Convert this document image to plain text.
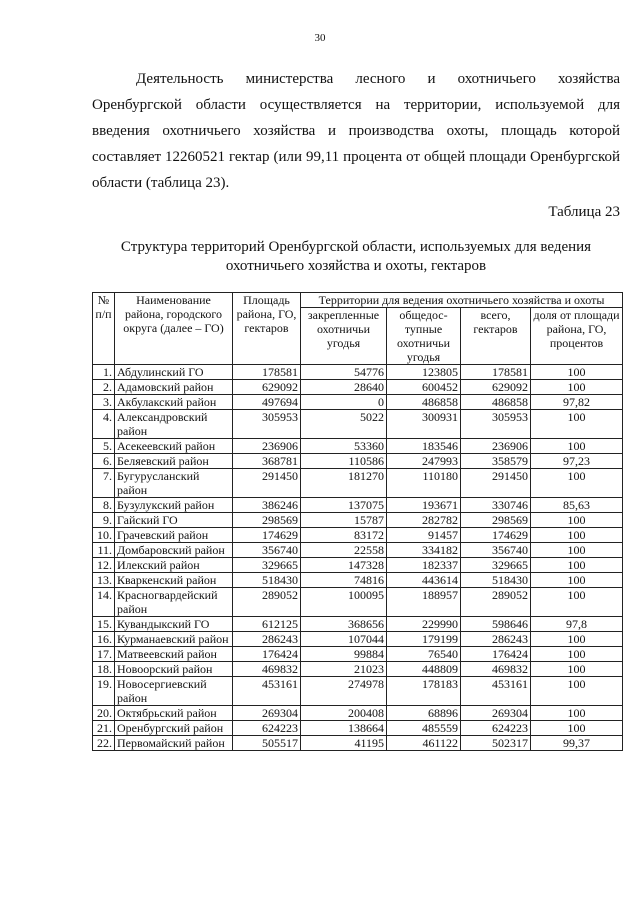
30

Деятельность министерства лесного и охотничьего хозяйства Оренбургской области осуществляется на территории, используемой для введения охотничьего хозяйства и производства охоты, площадь которой составляет 12260521 гектар (или 99,11 процента от общей площади Оренбургской области (таблица 23).

Таблица 23
Структура территорий Оренбургской области, используемых для ведения
охотничьего хозяйства и охоты, гектаров
№ п/п	Наименование района, городского округа (далее – ГО)	Площадь района, ГО, гектаров	Территории для ведения охотничьего хозяйства и охоты			
			закрепленные охотничьи угодья	общедос-тупные охотничьи угодья	всего, гектаров	доля от площади района, ГО, процентов
1.	Абдулинский ГО	178581	54776	123805	178581	100
2.	Адамовский район	629092	28640	600452	629092	100
3.	Акбулакский район	497694	0	486858	486858	97,82
4.	Александровский район	305953	5022	300931	305953	100
5.	Асекеевский район	236906	53360	183546	236906	100
6.	Беляевский район	368781	110586	247993	358579	97,23
7.	Бугурусланский район	291450	181270	110180	291450	100
8.	Бузулукский район	386246	137075	193671	330746	85,63
9.	Гайский ГО	298569	15787	282782	298569	100
10.	Грачевский район	174629	83172	91457	174629	100
11.	Домбаровский район	356740	22558	334182	356740	100
12.	Илекский район	329665	147328	182337	329665	100
13.	Кваркенский район	518430	74816	443614	518430	100
14.	Красногвардейский район	289052	100095	188957	289052	100
15.	Кувандыкский ГО	612125	368656	229990	598646	97,8
16.	Курманаевский район	286243	107044	179199	286243	100
17.	Матвеевский район	176424	99884	76540	176424	100
18.	Новоорский район	469832	21023	448809	469832	100
19.	Новосергиевский район	453161	274978	178183	453161	100
20.	Октябрьский район	269304	200408	68896	269304	100
21.	Оренбургский район	624223	138664	485559	624223	100
22.	Первомайский район	505517	41195	461122	502317	99,37
